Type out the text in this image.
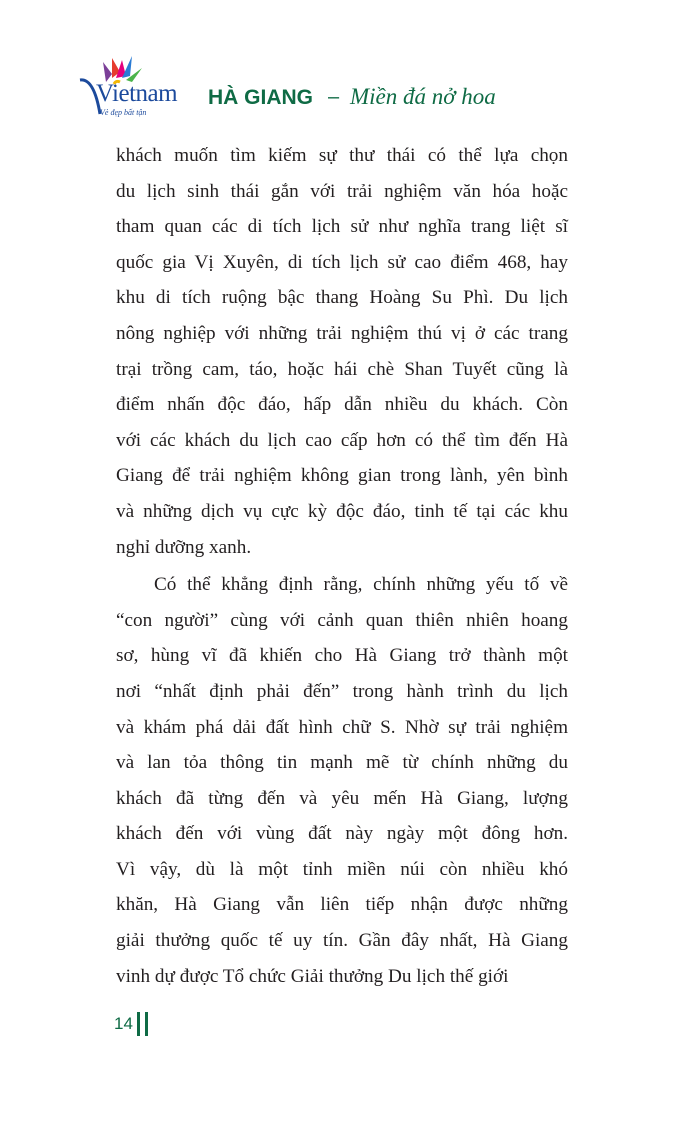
Vietnam
Vẻ đẹp bất tận
HÀ GIANG – Miền đá nở hoa
khách muốn tìm kiếm sự thư thái có thể lựa chọn
du lịch sinh thái gắn với trải nghiệm văn hóa hoặc
tham quan các di tích lịch sử như nghĩa trang liệt sĩ
quốc gia Vị Xuyên, di tích lịch sử cao điểm 468, hay
khu di tích ruộng bậc thang Hoàng Su Phì. Du lịch
nông nghiệp với những trải nghiệm thú vị ở các trang
trại trồng cam, táo, hoặc hái chè Shan Tuyết cũng là
điểm nhấn độc đáo, hấp dẫn nhiều du khách. Còn
với các khách du lịch cao cấp hơn có thể tìm đến Hà
Giang để trải nghiệm không gian trong lành, yên bình
và những dịch vụ cực kỳ độc đáo, tinh tế tại các khu
nghỉ dưỡng xanh.
Có thể khẳng định rằng, chính những yếu tố về
“con người” cùng với cảnh quan thiên nhiên hoang
sơ, hùng vĩ đã khiến cho Hà Giang trở thành một
nơi “nhất định phải đến” trong hành trình du lịch
và khám phá dải đất hình chữ S. Nhờ sự trải nghiệm
và lan tỏa thông tin mạnh mẽ từ chính những du
khách đã từng đến và yêu mến Hà Giang, lượng
khách đến với vùng đất này ngày một đông hơn.
Vì vậy, dù là một tỉnh miền núi còn nhiều khó
khăn, Hà Giang vẫn liên tiếp nhận được những
giải thưởng quốc tế uy tín. Gần đây nhất, Hà Giang
vinh dự được Tổ chức Giải thưởng Du lịch thế giới
14
